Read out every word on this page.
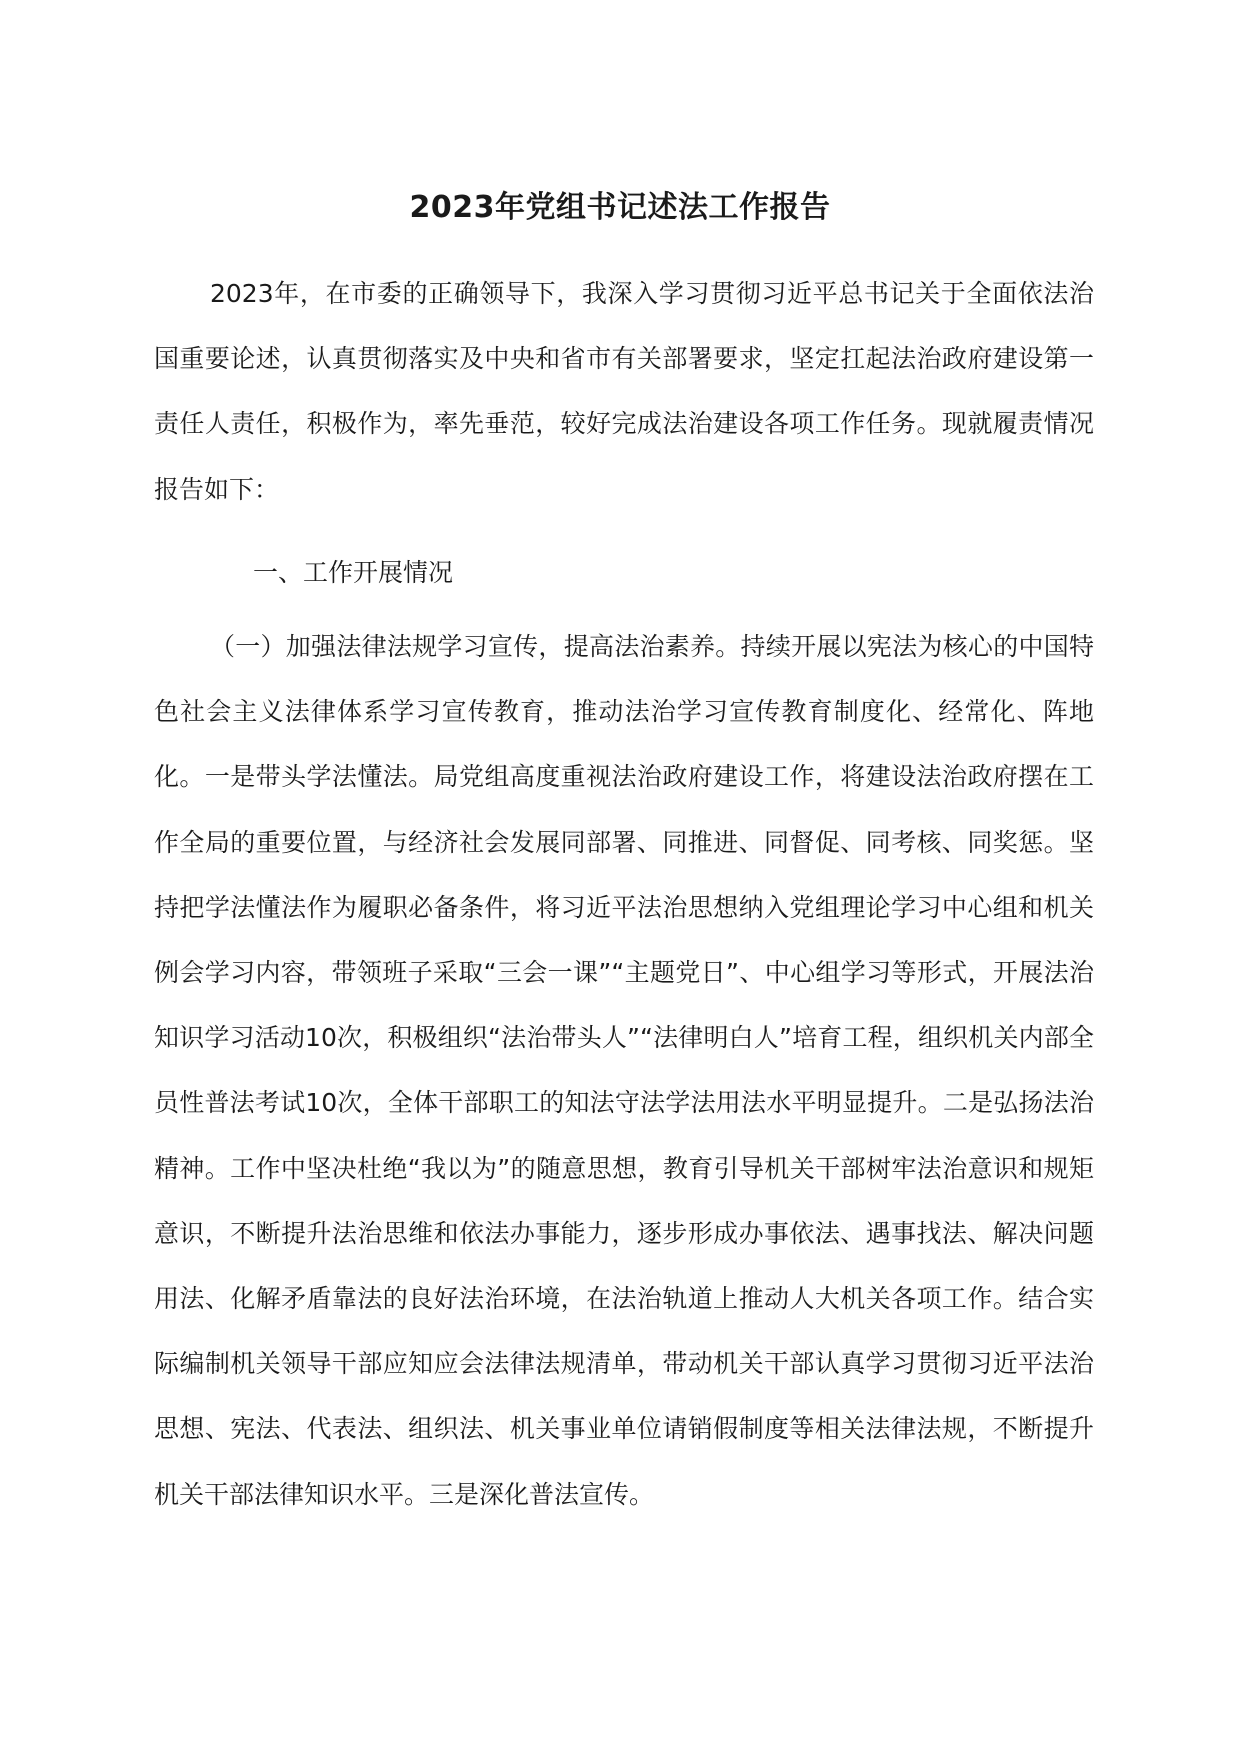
2023年党组书记述法工作报告
2023年，在市委的正确领导下，我深入学习贯彻习近平总书记关于全面依法治国重要论述，认真贯彻落实及中央和省市有关部署要求，坚定扛起法治政府建设第一责任人责任，积极作为，率先垂范，较好完成法治建设各项工作任务。现就履责情况报告如下：
一、工作开展情况
（一）加强法律法规学习宣传，提高法治素养。持续开展以宪法为核心的中国特色社会主义法律体系学习宣传教育，推动法治学习宣传教育制度化、经常化、阵地化。一是带头学法懂法。局党组高度重视法治政府建设工作，将建设法治政府摆在工作全局的重要位置，与经济社会发展同部署、同推进、同督促、同考核、同奖惩。坚持把学法懂法作为履职必备条件，将习近平法治思想纳入党组理论学习中心组和机关例会学习内容，带领班子采取“三会一课”“主题党日”、中心组学习等形式，开展法治知识学习活动10次，积极组织“法治带头人”“法律明白人”培育工程，组织机关内部全员性普法考试10次，全体干部职工的知法守法学法用法水平明显提升。二是弘扬法治精神。工作中坚决杜绝“我以为”的随意思想，教育引导机关干部树牢法治意识和规矩意识，不断提升法治思维和依法办事能力，逐步形成办事依法、遇事找法、解决问题用法、化解矛盾靠法的良好法治环境，在法治轨道上推动人大机关各项工作。结合实际编制机关领导干部应知应会法律法规清单，带动机关干部认真学习贯彻习近平法治思想、宪法、代表法、组织法、机关事业单位请销假制度等相关法律法规，不断提升机关干部法律知识水平。三是深化普法宣传。
